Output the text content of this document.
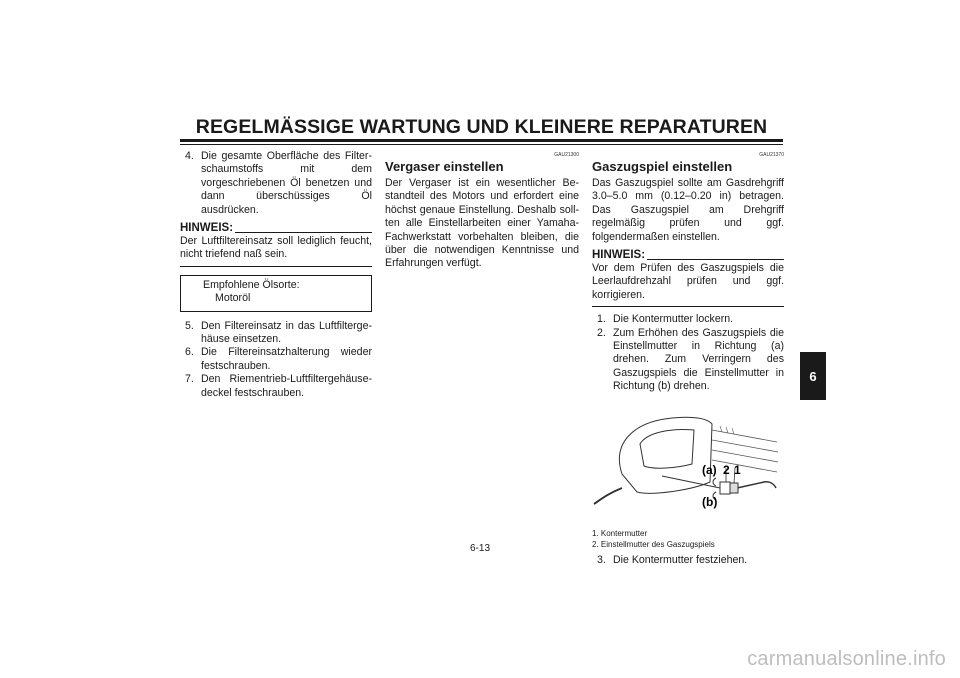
REGELMÄSSIGE WARTUNG UND KLEINERE REPARATUREN
4. Die gesamte Oberfläche des Filterschaumstoffs mit dem vorgeschriebenen Öl benetzen und dann überschüssiges Öl ausdrücken.
HINWEIS:
Der Luftfiltereinsatz soll lediglich feucht, nicht triefend naß sein.
Empfohlene Ölsorte:
Motoröl
5. Den Filtereinsatz in das Luftfiltergehäuse einsetzen.
6. Die Filtereinsatzhalterung wieder festschrauben.
7. Den Riementrieb-Luftfiltergehäusedeckel festschrauben.
GAU21300
Vergaser einstellen

Der Vergaser ist ein wesentlicher Bestandteil des Motors und erfordert eine höchst genaue Einstellung. Deshalb sollten alle Einstellarbeiten einer Yamaha-Fachwerkstatt vorbehalten bleiben, die über die notwendigen Kenntnisse und Erfahrungen verfügt.

GAU21370
Gaszugspiel einstellen

Das Gaszugspiel sollte am Gasdrehgriff 3.0–5.0 mm (0.12–0.20 in) betragen. Das Gaszugspiel am Drehgriff regelmäßig prüfen und ggf. folgendermaßen einstellen.

HINWEIS:
Vor dem Prüfen des Gaszugspiels die Leerlaufdrehzahl prüfen und ggf. korrigieren.
1. Die Kontermutter lockern.
2. Zum Erhöhen des Gaszugspiels die Einstellmutter in Richtung (a) drehen. Zum Verringern des Gaszugspiels die Einstellmutter in Richtung (b) drehen.
(a) 2 1
(b)
1. Kontermutter
2. Einstellmutter des Gaszugspiels
3. Die Kontermutter festziehen.
6
6-13
carmanualsonline.info
